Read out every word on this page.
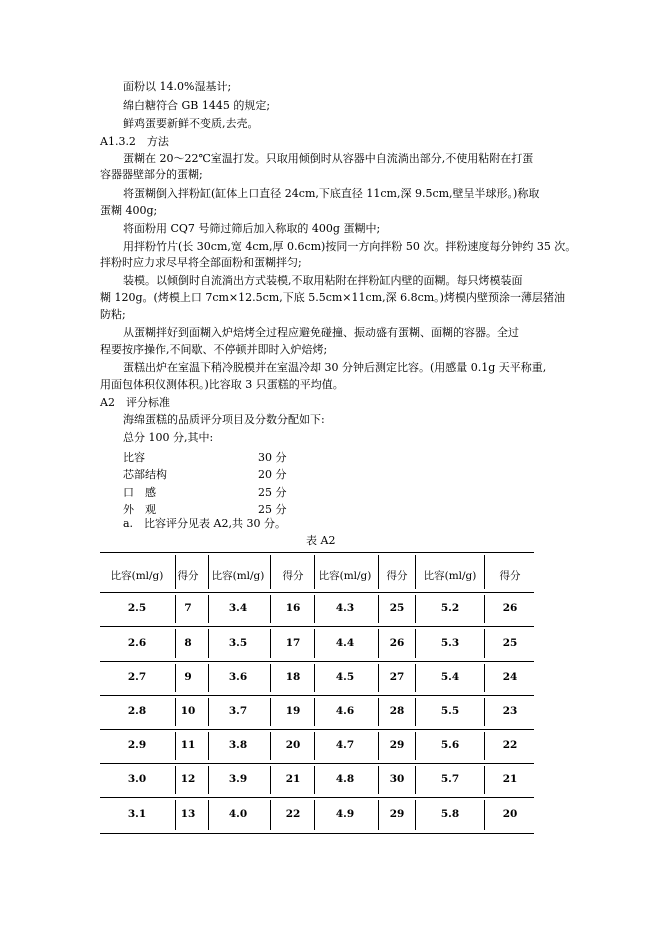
面粉以 14.0%湿基计;
绵白糖符合 GB 1445 的规定;
鲜鸡蛋要新鲜不变质,去壳。
A1.3.2　方法
蛋糊在 20～22℃室温打发。只取用倾倒时从容器中自流淌出部分,不使用粘附在打蛋
容器器壁部分的蛋糊;
将蛋糊倒入拌粉缸(缸体上口直径 24cm,下底直径 11cm,深 9.5cm,壁呈半球形。)称取
蛋糊 400g;
将面粉用 CQ7 号筛过筛后加入称取的 400g 蛋糊中;
用拌粉竹片(长 30cm,宽 4cm,厚 0.6cm)按同一方向拌粉 50 次。拌粉速度每分钟约 35 次。
拌粉时应力求尽早将全部面粉和蛋糊拌匀;
装模。以倾倒时自流淌出方式装模,不取用粘附在拌粉缸内壁的面糊。每只烤模装面
糊 120g。(烤模上口 7cm×12.5cm,下底 5.5cm×11cm,深 6.8cm。)烤模内壁预涂一薄层猪油
防粘;
从蛋糊拌好到面糊入炉焙烤全过程应避免碰撞、振动盛有蛋糊、面糊的容器。全过
程要按序操作,不间歇、不停顿并即时入炉焙烤;
蛋糕出炉在室温下稍冷脱模并在室温冷却 30 分钟后测定比容。(用感量 0.1g 天平称重,
用面包体积仪测体积。)比容取 3 只蛋糕的平均值。
A2　评分标准
海绵蛋糕的品质评分项目及分数分配如下:
总分 100 分,其中:
比容	30 分
芯部结构	20 分
口　感	25 分
外　观	25 分
a.　比容评分见表 A2,共 30 分。
表 A2
比容(ml/g)	得分	比容(ml/g)	得分	比容(ml/g)	得分	比容(ml/g)	得分
2.5	7	3.4	16	4.3	25	5.2	26
2.6	8	3.5	17	4.4	26	5.3	25
2.7	9	3.6	18	4.5	27	5.4	24
2.8	10	3.7	19	4.6	28	5.5	23
2.9	11	3.8	20	4.7	29	5.6	22
3.0	12	3.9	21	4.8	30	5.7	21
3.1	13	4.0	22	4.9	29	5.8	20
